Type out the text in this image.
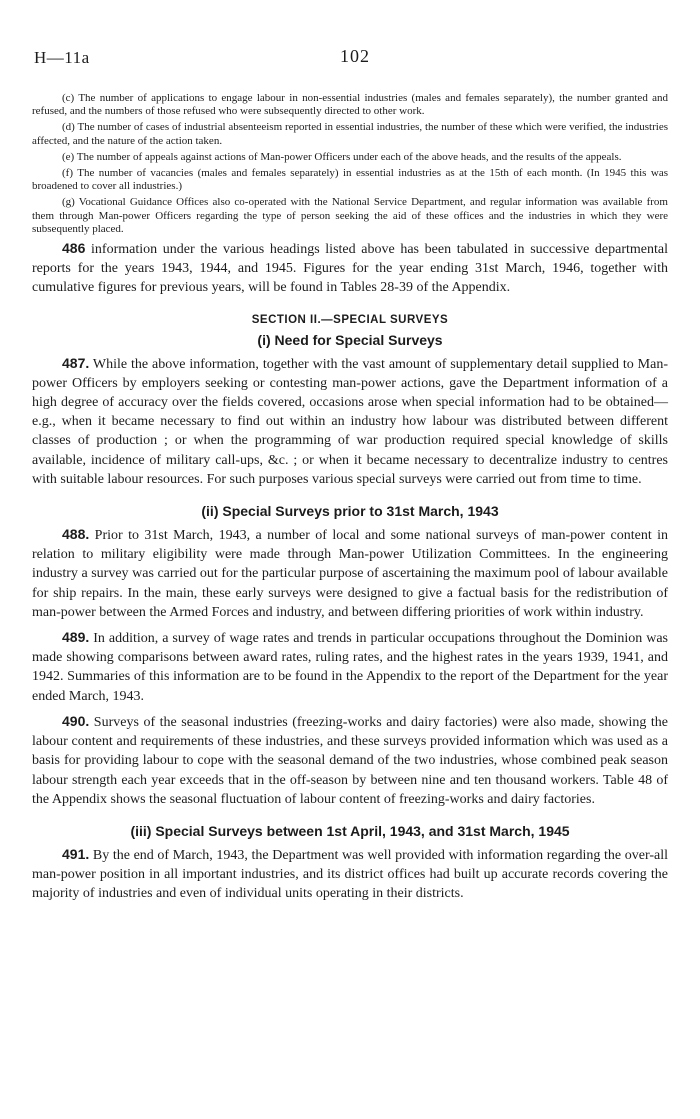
H—11a	102

(c) The number of applications to engage labour in non-essential industries (males and females separately), the number granted and refused, and the numbers of those refused who were subsequently directed to other work.

(d) The number of cases of industrial absenteeism reported in essential industries, the number of these which were verified, the industries affected, and the nature of the action taken.

(e) The number of appeals against actions of Man-power Officers under each of the above heads, and the results of the appeals.

(f) The number of vacancies (males and females separately) in essential industries as at the 15th of each month. (In 1945 this was broadened to cover all industries.)

(g) Vocational Guidance Offices also co-operated with the National Service Department, and regular information was available from them through Man-power Officers regarding the type of person seeking the aid of these offices and the industries in which they were subsequently placed.

486 information under the various headings listed above has been tabulated in successive departmental reports for the years 1943, 1944, and 1945. Figures for the year ending 31st March, 1946, together with cumulative figures for previous years, will be found in Tables 28-39 of the Appendix.

SECTION II.—SPECIAL SURVEYS
(i) Need for Special Surveys

487. While the above information, together with the vast amount of supplementary detail supplied to Man-power Officers by employers seeking or contesting man-power actions, gave the Department information of a high degree of accuracy over the fields covered, occasions arose when special information had to be obtained—e.g., when it became necessary to find out within an industry how labour was distributed between different classes of production ; or when the programming of war production required special knowledge of skills available, incidence of military call-ups, &c. ; or when it became necessary to decentralize industry to centres with suitable labour resources. For such purposes various special surveys were carried out from time to time.

(ii) Special Surveys prior to 31st March, 1943

488. Prior to 31st March, 1943, a number of local and some national surveys of man-power content in relation to military eligibility were made through Man-power Utilization Committees. In the engineering industry a survey was carried out for the particular purpose of ascertaining the maximum pool of labour available for ship repairs. In the main, these early surveys were designed to give a factual basis for the redistribution of man-power between the Armed Forces and industry, and between differing priorities of work within industry.

489. In addition, a survey of wage rates and trends in particular occupations throughout the Dominion was made showing comparisons between award rates, ruling rates, and the highest rates in the years 1939, 1941, and 1942. Summaries of this information are to be found in the Appendix to the report of the Department for the year ended March, 1943.

490. Surveys of the seasonal industries (freezing-works and dairy factories) were also made, showing the labour content and requirements of these industries, and these surveys provided information which was used as a basis for providing labour to cope with the seasonal demand of the two industries, whose combined peak season labour strength each year exceeds that in the off-season by between nine and ten thousand workers. Table 48 of the Appendix shows the seasonal fluctuation of labour content of freezing-works and dairy factories.

(iii) Special Surveys between 1st April, 1943, and 31st March, 1945

491. By the end of March, 1943, the Department was well provided with information regarding the over-all man-power position in all important industries, and its district offices had built up accurate records covering the majority of industries and even of individual units operating in their districts.
